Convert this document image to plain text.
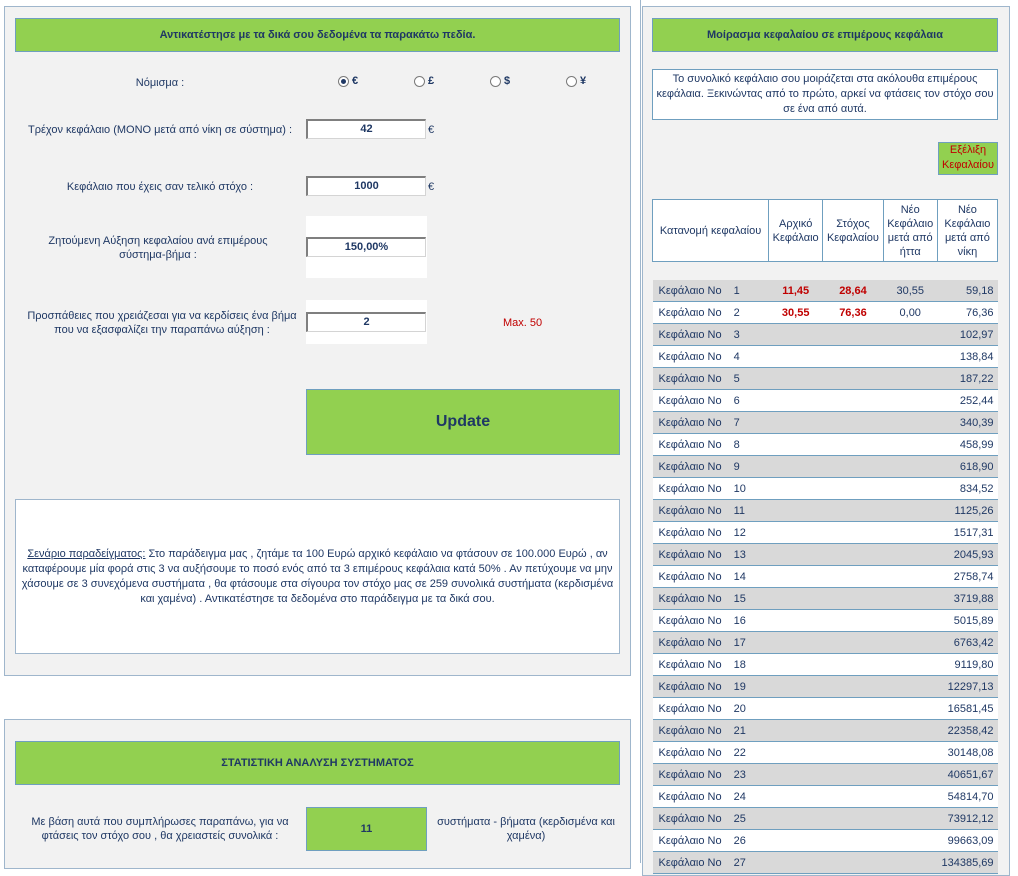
Αντικατέστησε με τα δικά σου δεδομένα τα παρακάτω πεδία.
Νόμισμα :	€	£	$	¥
Τρέχον κεφάλαιο (ΜΟΝΟ μετά από νίκη σε σύστημα) :	42	€
Κεφάλαιο που έχεις σαν τελικό στόχο :	1000	€
Ζητούμενη Αύξηση κεφαλαίου ανά επιμέρους σύστημα-βήμα :
150,00%
Προσπάθειες που χρειάζεσαι για να κερδίσεις ένα βήμα που να εξασφαλίζει την παραπάνω αύξηση :
2	Max. 50
Update
Σενάριο παραδείγματος: Στο παράδειγμα μας , ζητάμε τα 100 Ευρώ αρχικό κεφάλαιο να φτάσουν σε 100.000 Ευρώ , αν καταφέρουμε μία φορά στις 3 να αυξήσουμε το ποσό ενός από τα 3 επιμέρους κεφάλαια κατά 50% . Αν πετύχουμε να μην χάσουμε σε 3 συνεχόμενα συστήματα , θα φτάσουμε στα σίγουρα τον στόχο μας σε 259 συνολικά συστήματα (κερδισμένα και χαμένα) . Αντικατέστησε τα δεδομένα στο παράδειγμα με τα δικά σου.
ΣΤΑΤΙΣΤΙΚΗ ΑΝΑΛΥΣΗ ΣΥΣΤΗΜΑΤΟΣ
Με βάση αυτά που συμπλήρωσες παραπάνω, για να φτάσεις τον στόχο σου , θα χρειαστείς συνολικά :
11
συστήματα - βήματα (κερδισμένα και χαμένα)
Μοίρασμα κεφαλαίου σε επιμέρους κεφάλαια
Το συνολικό κεφάλαιο σου μοιράζεται στα ακόλουθα επιμέρους κεφάλαια. Ξεκινώντας από το πρώτο, αρκεί να φτάσεις τον στόχο σου σε ένα από αυτά.
Εξέλιξη Κεφαλαίου
Κατανομή κεφαλαίου	Αρχικό Κεφάλαιο	Στόχος Κεφαλαίου	Νέο Κεφάλαιο μετά από ήττα	Νέο Κεφάλαιο μετά από νίκη

Κεφάλαιο Νο 1	11,45	28,64	30,55	59,18
Κεφάλαιο Νο 2	30,55	76,36	0,00	76,36
Κεφάλαιο Νο 3				102,97
Κεφάλαιο Νο 4				138,84
Κεφάλαιο Νο 5				187,22
Κεφάλαιο Νο 6				252,44
Κεφάλαιο Νο 7				340,39
Κεφάλαιο Νο 8				458,99
Κεφάλαιο Νο 9				618,90
Κεφάλαιο Νο 10				834,52
Κεφάλαιο Νο 11				1125,26
Κεφάλαιο Νο 12				1517,31
Κεφάλαιο Νο 13				2045,93
Κεφάλαιο Νο 14				2758,74
Κεφάλαιο Νο 15				3719,88
Κεφάλαιο Νο 16				5015,89
Κεφάλαιο Νο 17				6763,42
Κεφάλαιο Νο 18				9119,80
Κεφάλαιο Νο 19				12297,13
Κεφάλαιο Νο 20				16581,45
Κεφάλαιο Νο 21				22358,42
Κεφάλαιο Νο 22				30148,08
Κεφάλαιο Νο 23				40651,67
Κεφάλαιο Νο 24				54814,70
Κεφάλαιο Νο 25				73912,12
Κεφάλαιο Νο 26				99663,09
Κεφάλαιο Νο 27				134385,69
